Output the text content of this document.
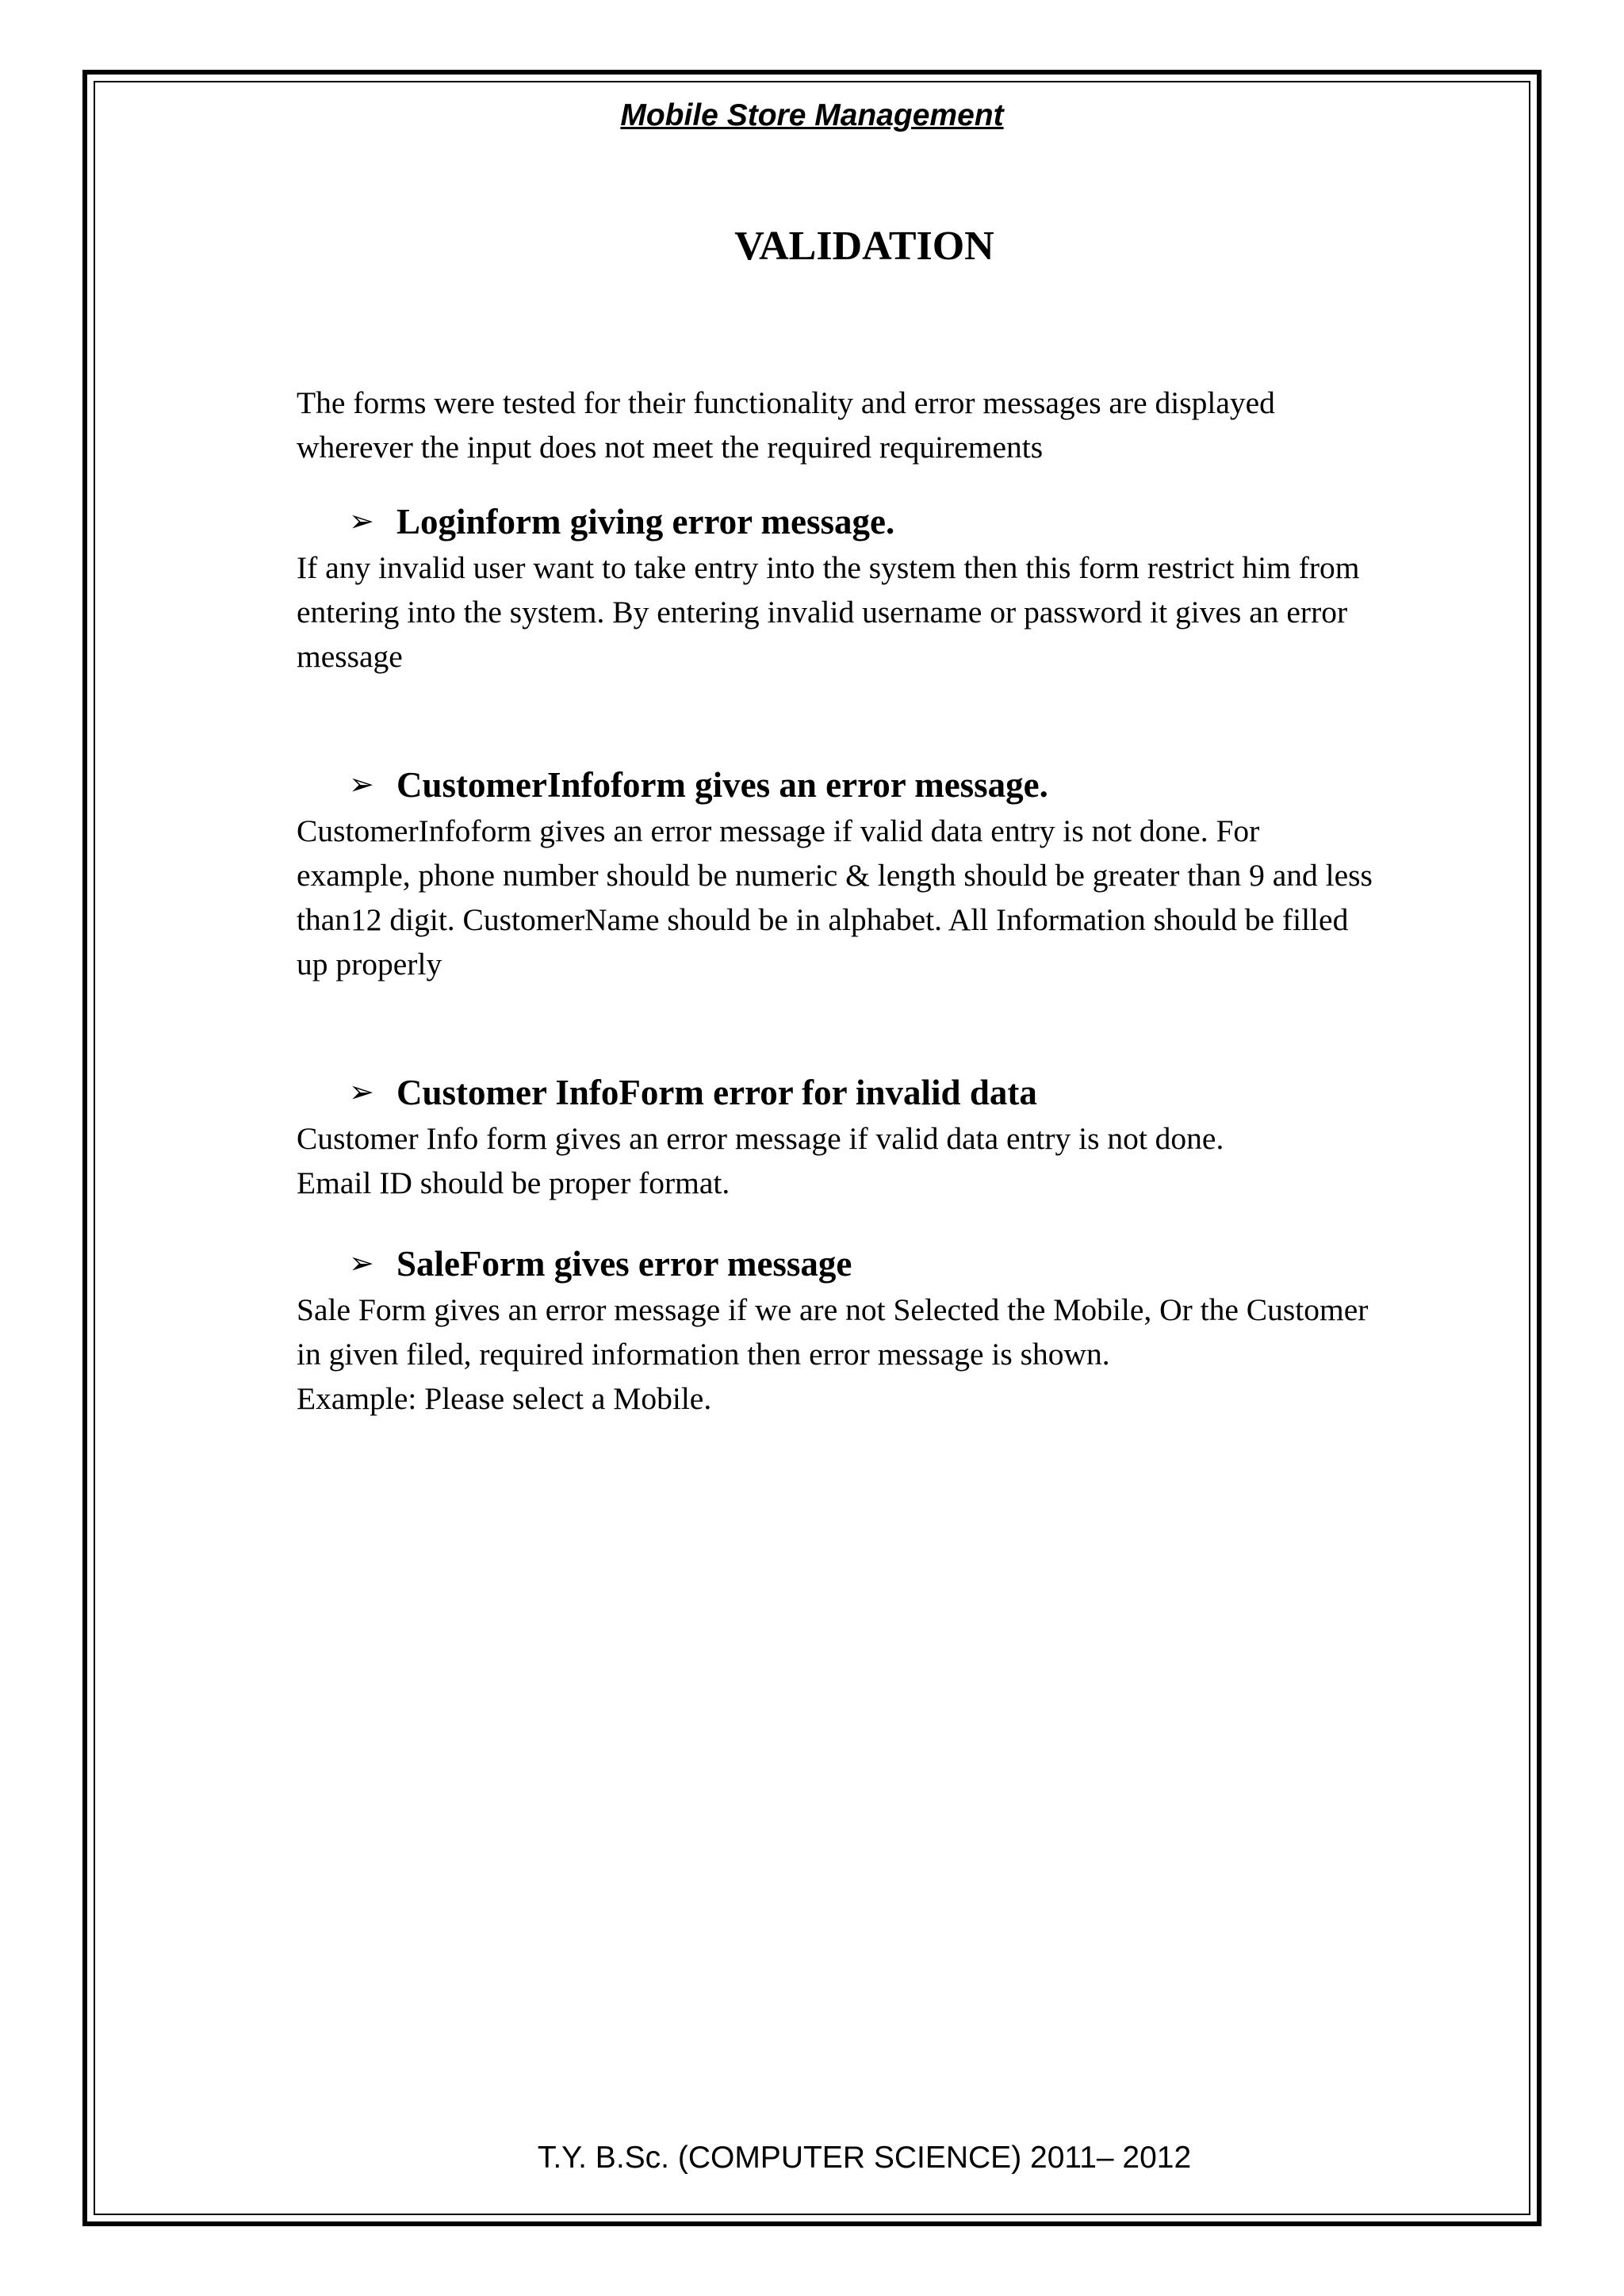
Mobile Store Management
VALIDATION

The forms were tested for their functionality and error messages are displayed
wherever the input does not meet the required requirements

➢ Loginform giving error message.

If any invalid user want to take entry into the system then this form restrict him from
entering into the system. By entering invalid username or password it gives an error
message

➢ CustomerInfoform gives an error message.

CustomerInfoform gives an error message if valid data entry is not done. For
example, phone number should be numeric & length should be greater than 9 and less
than12 digit. CustomerName should be in alphabet. All Information should be filled
up properly

➢ Customer InfoForm error for invalid data

Customer Info form gives an error message if valid data entry is not done.
Email ID should be proper format.

➢ SaleForm gives error message

Sale Form gives an error message if we are not Selected the Mobile, Or the Customer
in given filed, required information then error message is shown.
Example: Please select a Mobile.

T.Y. B.Sc. (COMPUTER SCIENCE) 2011– 2012
